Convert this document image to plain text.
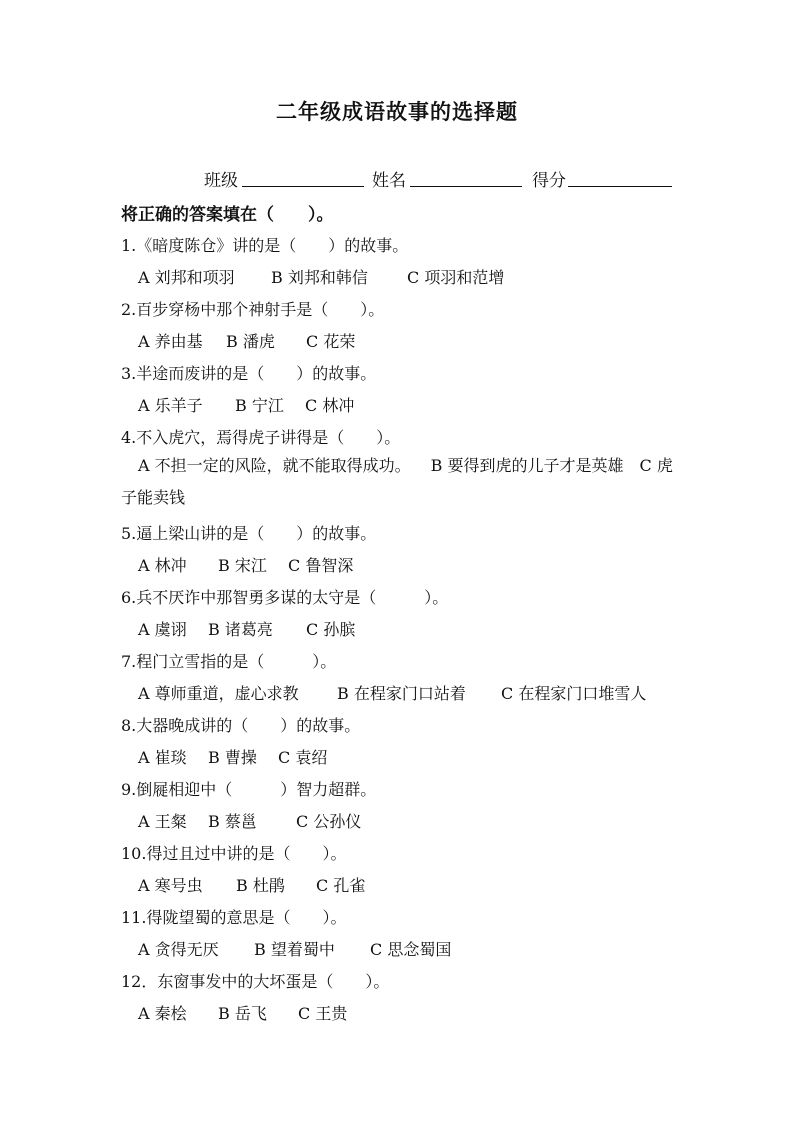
二年级成语故事的选择题
班级	姓名	得分
将正确的答案填在（　　）。
1.《暗度陈仓》讲的是（　　）的故事。
A 刘邦和项羽 B 刘邦和韩信 C 项羽和范增
2.百步穿杨中那个神射手是（　　）。
A 养由基 B 潘虎 C 花荣
3.半途而废讲的是（　　）的故事。
A 乐羊子 B 宁江 C 林冲
4.不入虎穴，焉得虎子讲得是（　　）。
A 不担一定的风险，就不能取得成功。 B 要得到虎的儿子才是英雄 C 虎子能卖钱
5.逼上梁山讲的是（　　）的故事。
A 林冲 B 宋江 C 鲁智深
6.兵不厌诈中那智勇多谋的太守是（　　　）。
A 虞诩 B 诸葛亮 C 孙膑
7.程门立雪指的是（　　　）。
A 尊师重道，虚心求教 B 在程家门口站着 C 在程家门口堆雪人
8.大器晚成讲的（　　）的故事。
A 崔琰 B 曹操 C 袁绍
9.倒屣相迎中（　　　）智力超群。
A 王粲 B 蔡邕 C 公孙仪
10.得过且过中讲的是（　　）。
A 寒号虫 B 杜鹃 C 孔雀
11.得陇望蜀的意思是（　　）。
A 贪得无厌 B 望着蜀中 C 思念蜀国
12．东窗事发中的大坏蛋是（　　）。
A 秦桧 B 岳飞 C 王贵
